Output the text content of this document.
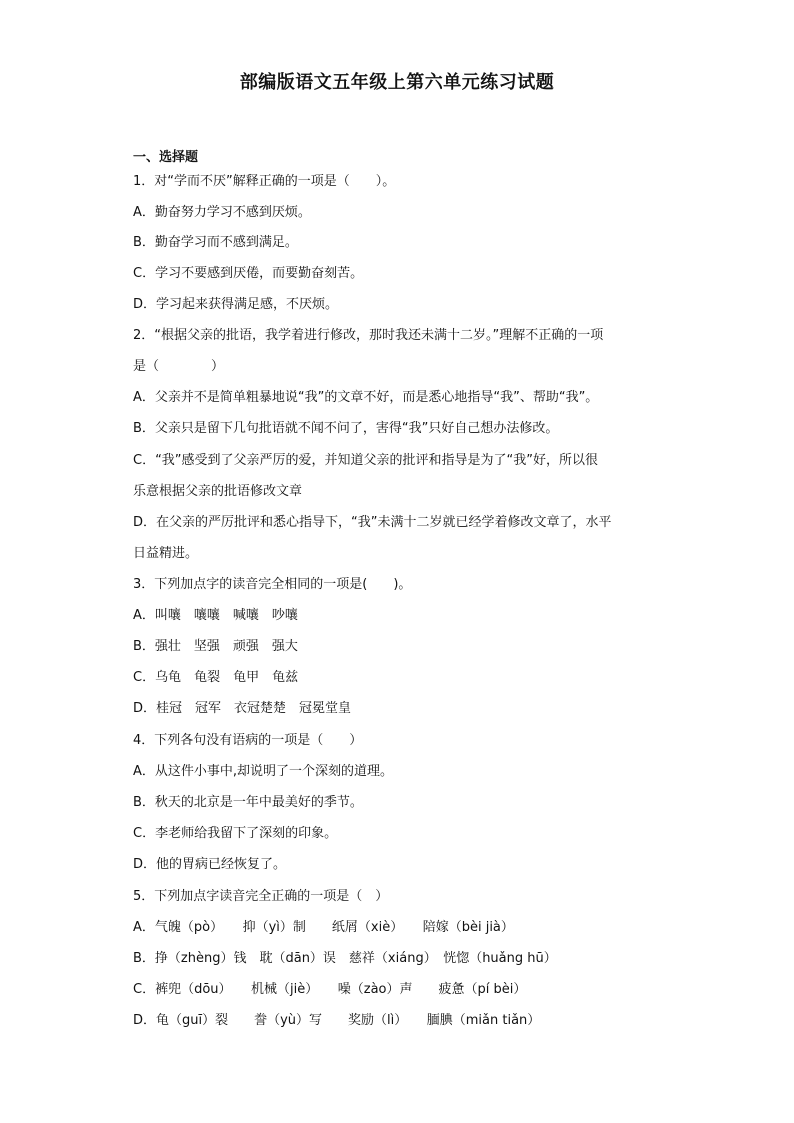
部编版语文五年级上第六单元练习试题
一、选择题
1．对“学而不厌”解释正确的一项是（　　）。
A．勤奋努力学习不感到厌烦。
B．勤奋学习而不感到满足。
C．学习不要感到厌倦，而要勤奋刻苦。
D．学习起来获得满足感，不厌烦。
2．“根据父亲的批语，我学着进行修改，那时我还未满十二岁。”理解不正确的一项
是（　　　　）
A．父亲并不是简单粗暴地说“我”的文章不好，而是悉心地指导“我”、帮助“我”。
B．父亲只是留下几句批语就不闻不问了，害得“我”只好自己想办法修改。
C．“我”感受到了父亲严厉的爱，并知道父亲的批评和指导是为了“我”好，所以很
乐意根据父亲的批语修改文章
D．在父亲的严厉批评和悉心指导下，“我”未满十二岁就已经学着修改文章了，水平
日益精进。
3．下列加点字的读音完全相同的一项是(　　)。
A．叫嚷　嚷嚷　喊嚷　吵嚷
B．强壮　坚强　顽强　强大
C．乌龟　龟裂　龟甲　龟兹
D．桂冠　冠军　衣冠楚楚　冠冕堂皇
4．下列各句没有语病的一项是（　　）
A．从这件小事中,却说明了一个深刻的道理。
B．秋天的北京是一年中最美好的季节。
C．李老师给我留下了深刻的印象。
D．他的胃病已经恢复了。
5．下列加点字读音完全正确的一项是（　）
A．气魄（pò）　　抑（yì）制　　纸屑（xiè）　　陪嫁（bèi jià）
B．挣（zhèng）钱　耽（dān）误　慈祥（xiáng）　恍惚（huǎng hū）
C．裤兜（dōu）　　机械（jiè）　　噪（zào）声　　疲惫（pí bèi）
D．龟（guī）裂　　誊（yù）写　　奖励（lì）　　腼腆（miǎn tiǎn）
